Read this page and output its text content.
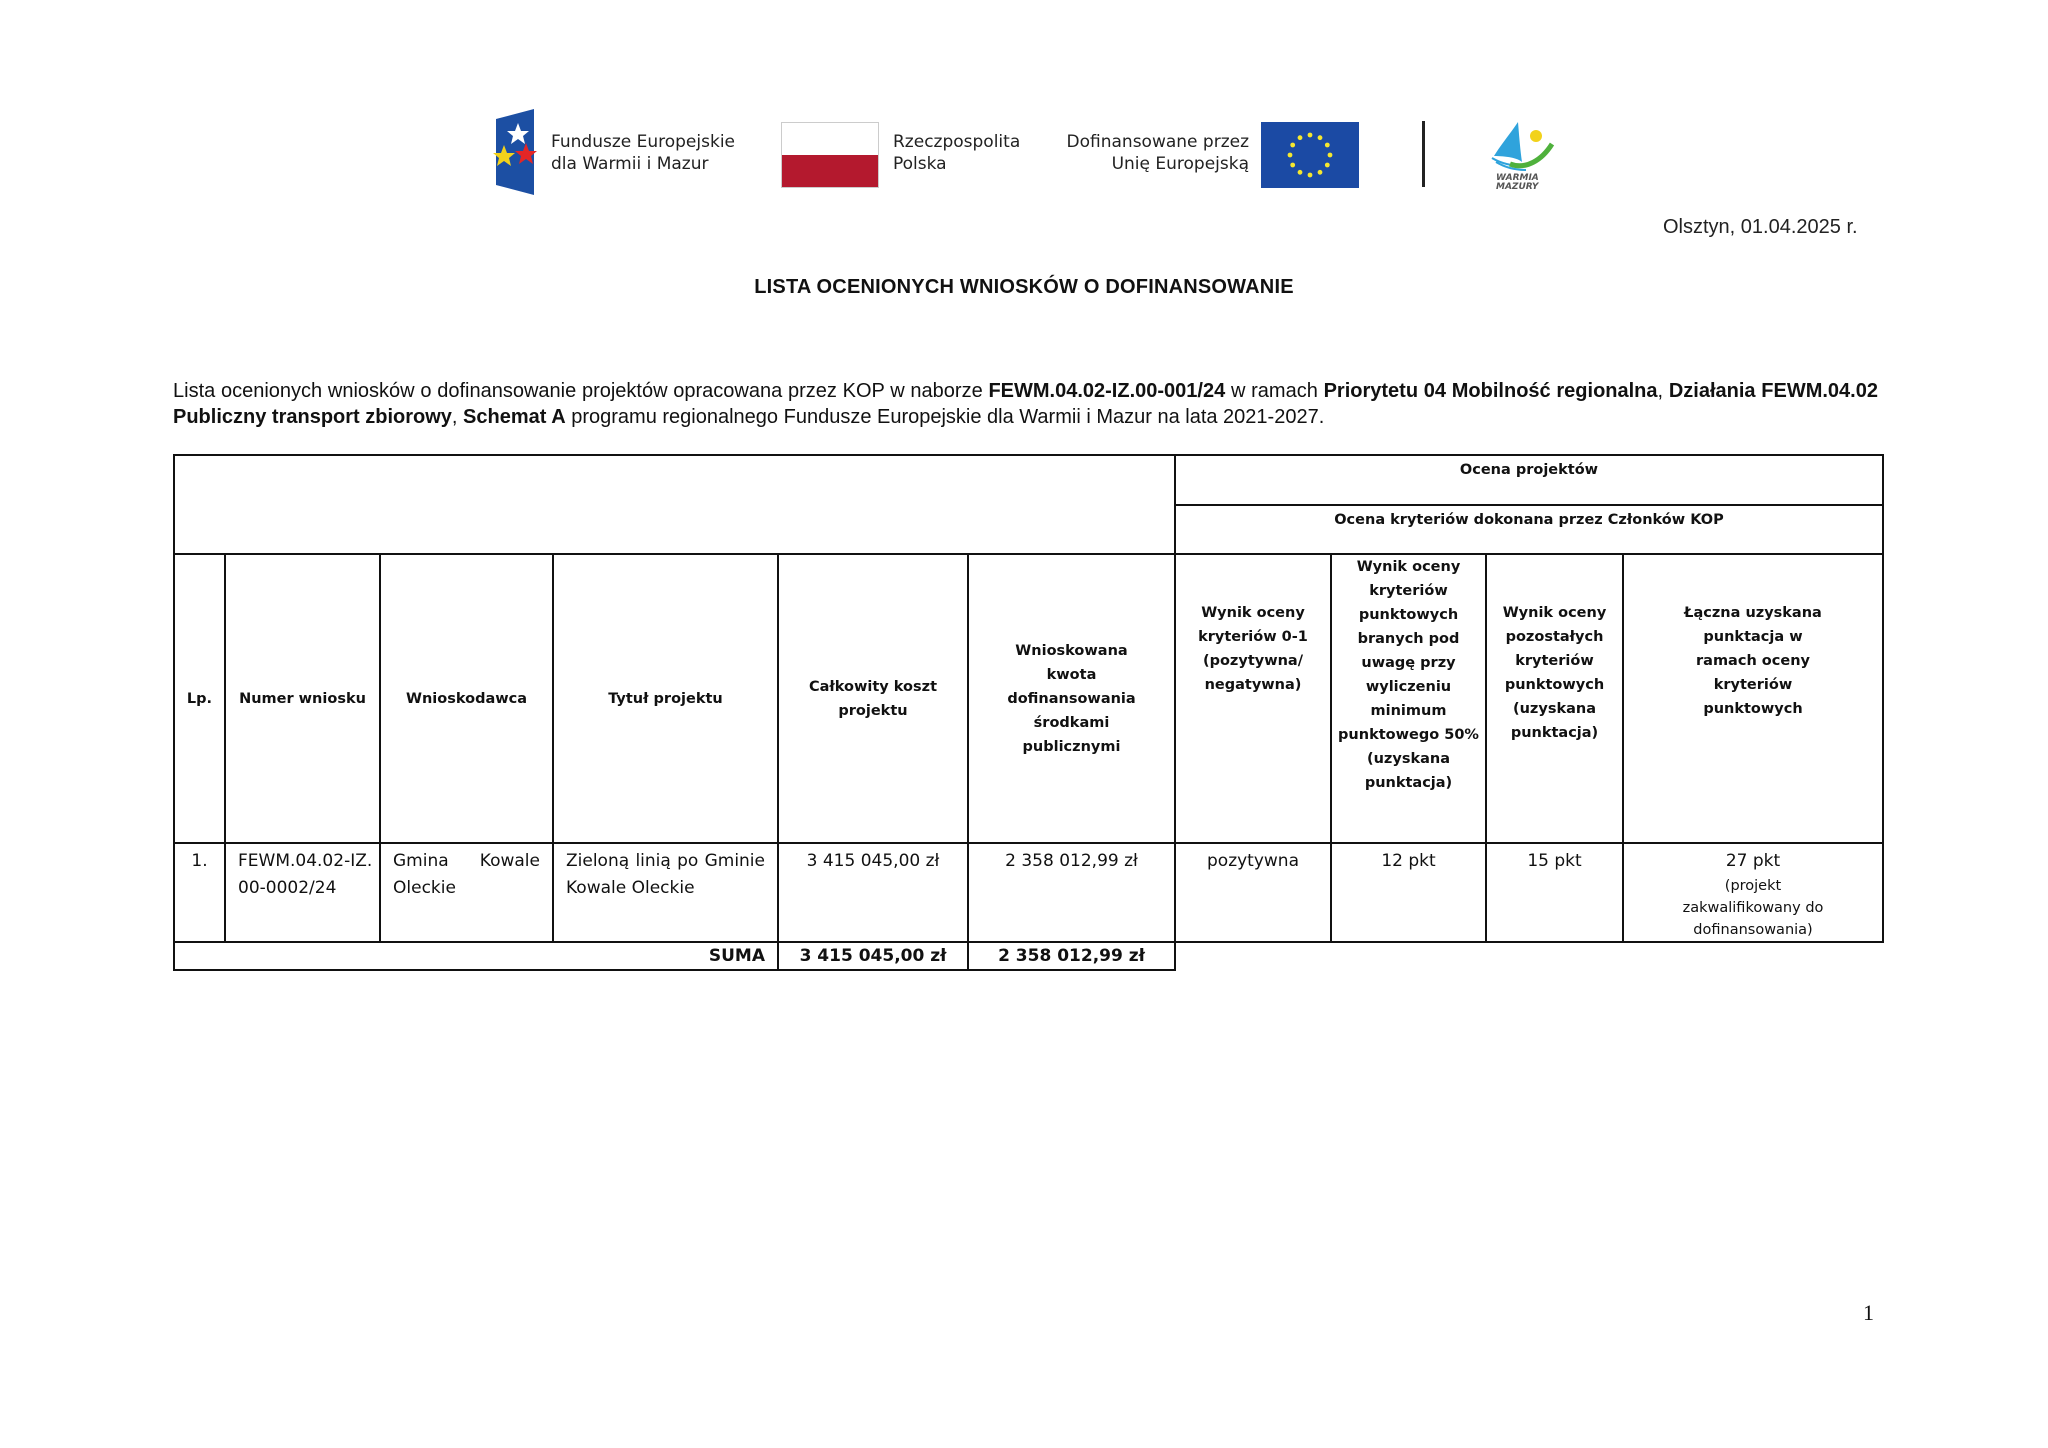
Fundusze Europejskie
dla Warmii i Mazur
Rzeczpospolita
Polska
Dofinansowane przez
Unię Europejską
WARMIA
MAZURY
Olsztyn, 01.04.2025 r.
LISTA OCENIONYCH WNIOSKÓW O DOFINANSOWANIE
Lista ocenionych wniosków o dofinansowanie projektów opracowana przez KOP w naborze FEWM.04.02-IZ.00-001/24 w ramach Priorytetu 04 Mobilność regionalna, Działania FEWM.04.02 Publiczny transport zbiorowy, Schemat A programu regionalnego Fundusze Europejskie dla Warmii i Mazur na lata 2021-2027.
						Ocena projektów			
						Ocena kryteriów dokonana przez Członków KOP			
Lp.	Numer wniosku	Wnioskodawca	Tytuł projektu	Całkowity koszt projektu	Wnioskowana kwota dofinansowania środkami publicznymi	Wynik oceny kryteriów 0-1 (pozytywna/ negatywna)	Wynik oceny kryteriów punktowych branych pod uwagę przy wyliczeniu minimum punktowego 50% (uzyskana punktacja)	Wynik oceny pozostałych kryteriów punktowych (uzyskana punktacja)	Łączna uzyskana punktacja w ramach oceny kryteriów punktowych
1.	FEWM.04.02-IZ.00-0002/24	Gmina Kowale Oleckie	Zieloną linią po Gminie Kowale Oleckie	3 415 045,00 zł	2 358 012,99 zł	pozytywna	12 pkt	15 pkt	27 pkt
(projekt zakwalifikowany do dofinansowania)

SUMA				3 415 045,00 zł	2 358 012,99 zł				
1
